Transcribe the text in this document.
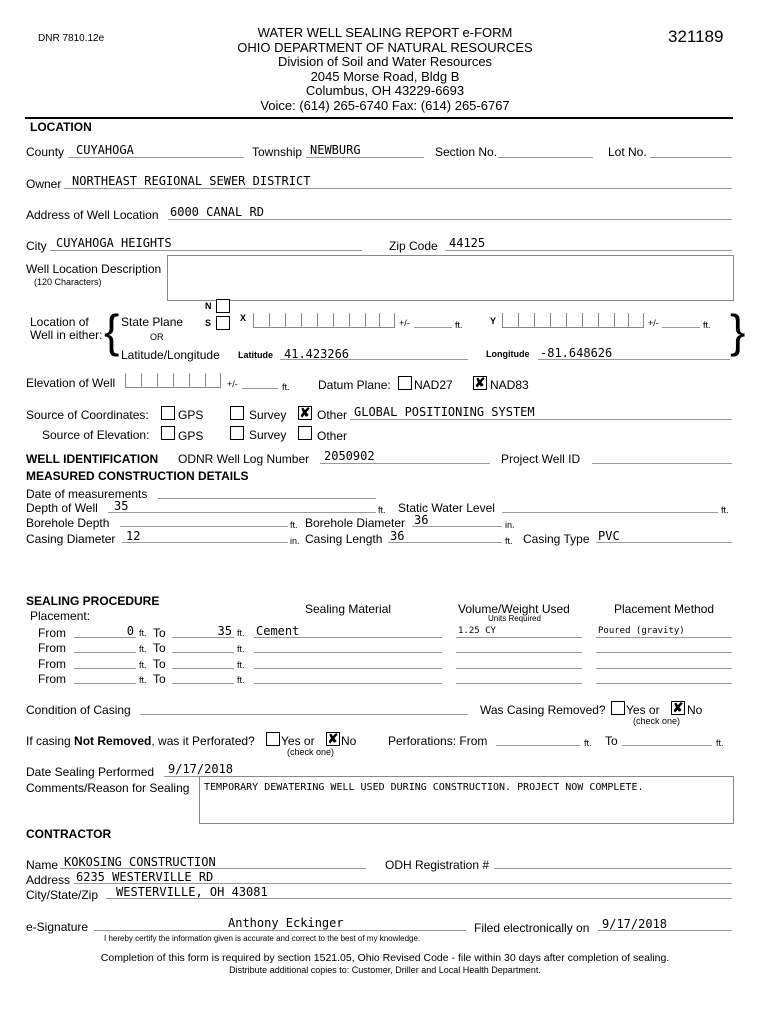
DNR 7810.12e	WATER WELL SEALING REPORT e-FORM
OHIO DEPARTMENT OF NATURAL RESOURCES
Division of Soil and Water Resources
2045 Morse Road, Bldg B
Columbus, OH 43229-6693
Voice: (614) 265-6740 Fax: (614) 265-6767
321189
LOCATION
County CUYAHOGA	Township NEWBURG	Section No.	Lot No.
Owner NORTHEAST REGIONAL SEWER DISTRICT
Address of Well Location 6000 CANAL RD
City CUYAHOGA HEIGHTS	Zip Code 44125
Well Location Description
(120 Characters)
Location of
Well in either: { State Plane
OR
Latitude/Longitude
N
S	X	+/-	ft.	Y	+/-	ft. }
Latitude 41.423266	Longitude -81.648626
Elevation of Well	+/-	ft. Datum Plane: NAD27 ✘ NAD83
Source of Coordinates: GPS	Survey ✘ Other GLOBAL POSITIONING SYSTEM
Source of Elevation: GPS	Survey	Other
WELL IDENTIFICATION ODNR Well Log Number 2050902	Project Well ID
MEASURED CONSTRUCTION DETAILS
Date of measurements
Depth of Well 35	ft. Static Water Level	ft.
Borehole Depth	ft. Borehole Diameter 36	in.
Casing Diameter 12	in. Casing Length 36	ft. Casing Type PVC
SEALING PROCEDURE
Placement:	Sealing Material	Volume/Weight Used
Units Required
Placement Method
From	0 ft. To	35 ft. Cement	1.25 CY	Poured (gravity)
From	ft. To	ft.
From	ft. To	ft.
From	ft. To	ft.
Condition of Casing	Was Casing Removed? Yes or ✘ No
(check one)
If casing Not Removed, was it Perforated? Yes or ✘ No
(check one)
Perforations: From	ft. To	ft.
Date Sealing Performed 9/17/2018
Comments/Reason for Sealing TEMPORARY DEWATERING WELL USED DURING CONSTRUCTION. PROJECT NOW COMPLETE.
CONTRACTOR
Name KOKOSING CONSTRUCTION	ODH Registration #
Address 6235 WESTERVILLE RD
City/State/Zip WESTERVILLE, OH 43081
e-Signature	Anthony Eckinger
I hereby certify the information given is accurate and correct to the best of my knowledge.
Filed electronically on 9/17/2018
Completion of this form is required by section 1521.05, Ohio Revised Code - file within 30 days after completion of sealing.
Distribute additional copies to: Customer, Driller and Local Health Department.
